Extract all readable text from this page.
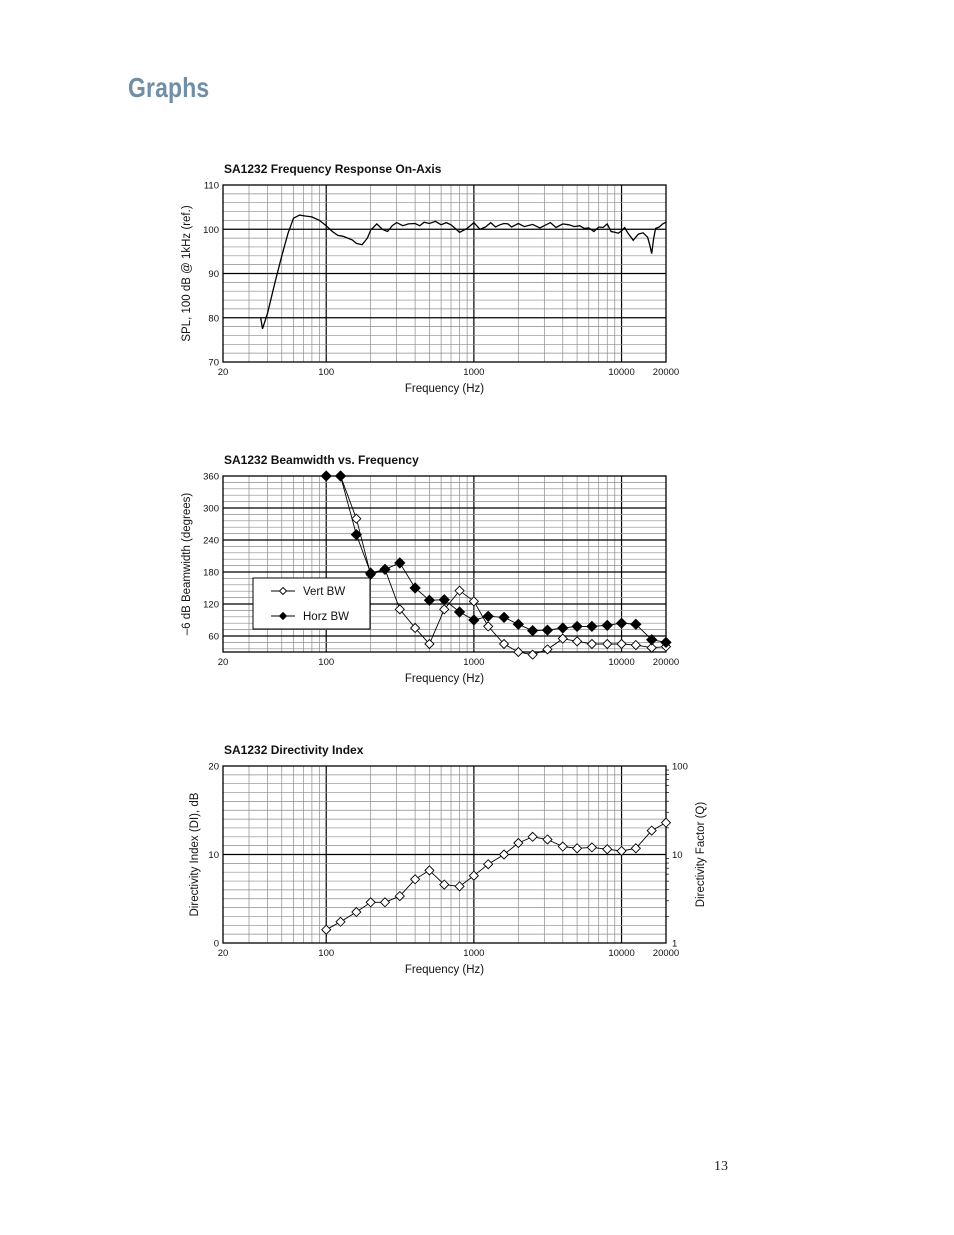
Graphs
SA1232 Frequency Response On-Axis
20	100	1000	10000 20000
70
80
90
100
110
Frequency (Hz)
SPL, 100 dB @ 1kHz (ref.)
SA1232 Beamwidth vs. Frequency
20	100	1000	10000 20000
60
120
180
240
300
360
Frequency (Hz)
–6 dB Beamwidth (degrees)	Vert BW
Horz BW
SA1232 Directivity Index
20	100	1000	10000 20000
0
10
20
Frequency (Hz)
Directivity Index (DI), dB
1
10
100
Directivity Factor (Q)
13
